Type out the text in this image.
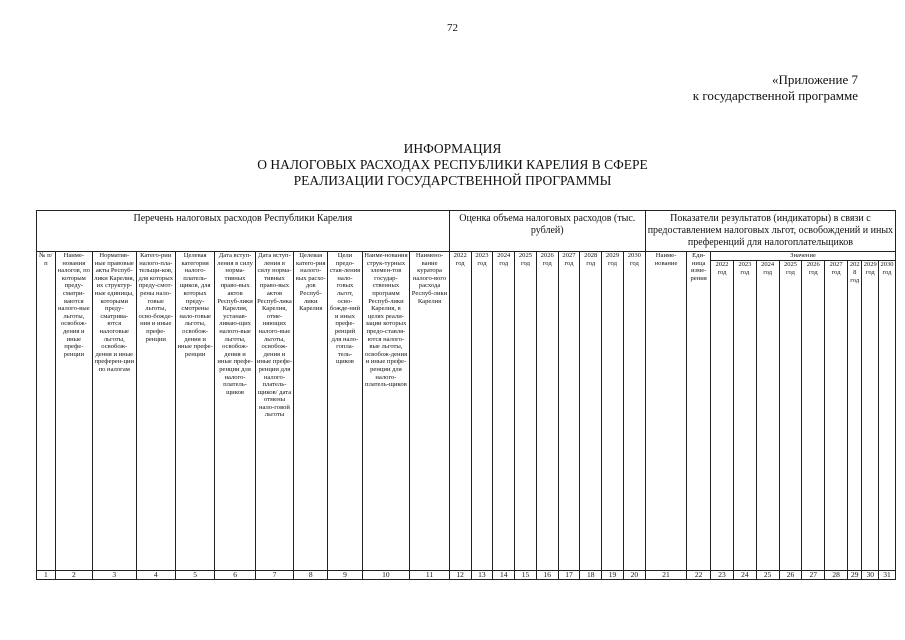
72
«Приложение 7
к государственной программе
ИНФОРМАЦИЯ
О НАЛОГОВЫХ РАСХОДАХ РЕСПУБЛИКИ КАРЕЛИЯ В СФЕРЕ
РЕАЛИЗАЦИИ ГОСУДАРСТВЕННОЙ ПРОГРАММЫ
Перечень налоговых расходов Республики Карелия											Оценка объема налоговых расходов (тыс. рублей)									Показатели результатов (индикаторы) в связи с предоставлением налоговых льгот, освобождений и иных преференций для налогоплательщиков										
№ п/п	Наиме-нования налогов, по которым преду-сматри-ваются налого-вые льготы, освобож-дения и иные префе-ренции	Норматив-ные правовые акты Респуб-лики Карелия, их структур-ные единицы, которыми преду-сматрива-ются налоговые льготы, освобож-дения и иные преферен-ции по налогам	Катего-рии налого-пла-тельщи-ков, для которых преду-смот-рены нало-говые льготы, осво-божде-ния и иные префе-ренции	Целевая категория налого-платель-щиков, для которых преду-смотрены нало-говые льготы, освобож-дения и иные префе-ренции	Дата вступ-ления в силу норма-тивных право-вых актов Респуб-лики Карелия, устанав-ливаю-щих налого-вые льготы, освобож-дения и иные префе-ренции для налого-платель-щиков	Дата вступ-ления в силу норма-тивных право-вых актов Респуб-лика Карелия, отме-няющих налого-вые льготы, освобож-дения и иные префе-ренции для налого-платель-щиков/ дата отмены нало-говой льготы	Целевая катего-рия налого-вых расхо-дов Респуб-лики Карелия	Цели предо-став-ления нало-говых льгот, осво-божде-ний и иных префе-ренций для нало-гопла-тель-щиков	Наиме-нования струк-турных элемен-тов государ-ственных программ Респуб-лики Карелия, в целях реали-зации которых предо-ставля-ются налого-вые льготы, освобож-дения и иные префе-ренции для налого-платель-щиков	Наимено-вание куратора налого-вого расхода Респуб-лики Карелия	2022 год	2023 год	2024 год	2025 год	2026 год	2027 год	2028 год	2029 год	2030 год	Наиме-нование	Еди-ница изме-рения	Значение								
																						2022 год	2023 год	2024 год	2025 год	2026 год	2027 год	2028 год	2029 год	2030 год
1	2	3	4	5	6	7	8	9	10	11	12	13	14	15	16	17	18	19	20	21	22	23	24	25	26	27	28	29	30	31
